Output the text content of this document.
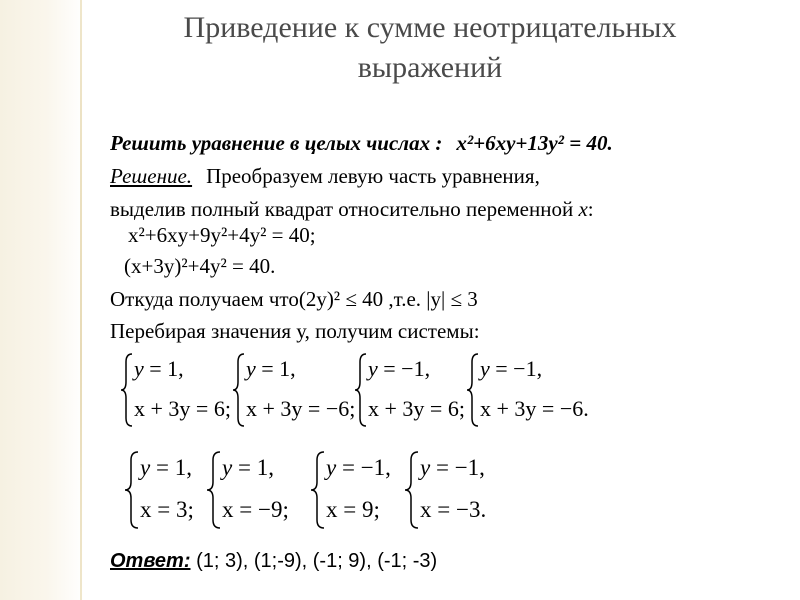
Приведение к сумме неотрицательных
выражений
Решить уравнение в целых числах : x²+6xy+13y² = 40.
Решение. Преобразуем левую часть уравнения,
выделив полный квадрат относительно переменной x:
x²+6xy+9y²+4y² = 40;
(x+3y)²+4y² = 40.
Откуда получаем что(2y)² ≤ 40 ,т.е. |y| ≤ 3
Перебирая значения у, получим системы:
y = 1,
x + 3y = 6;
y = 1,
x + 3y = −6;
y = −1,
x + 3y = 6;
y = −1,
x + 3y = −6.
y = 1,
x = 3;
y = 1,
x = −9;
y = −1,
x = 9;
y = −1,
x = −3.
Ответ: (1; 3), (1;-9), (-1; 9), (-1; -3)
